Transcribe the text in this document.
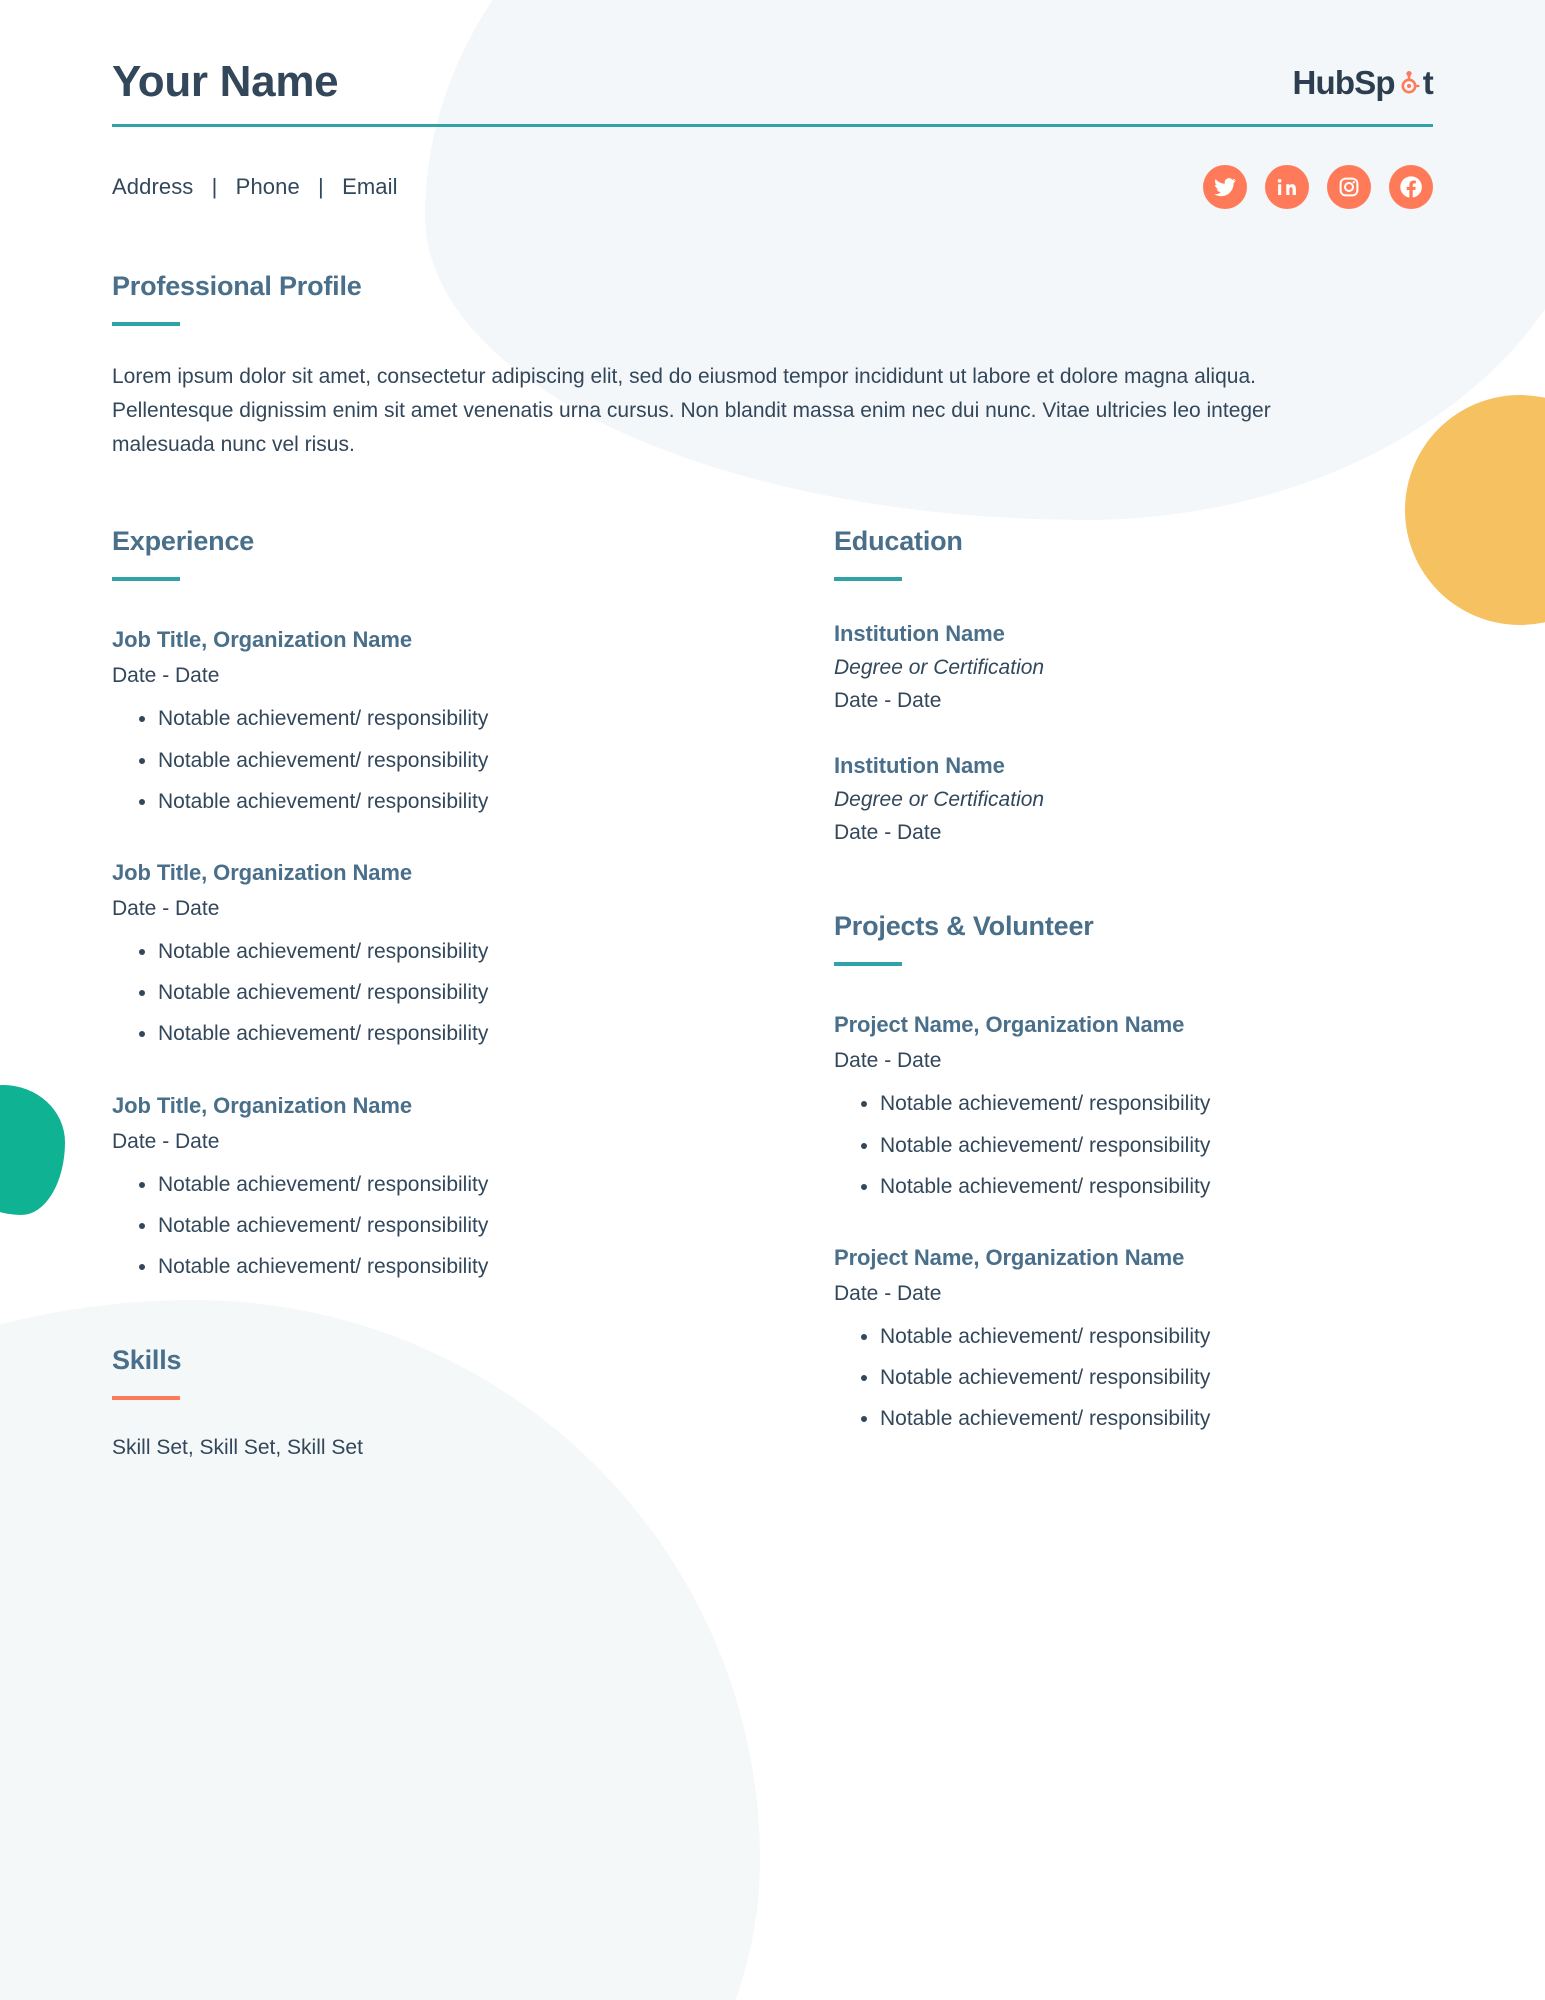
Your Name	HubSp t
Address | Phone | Email
Professional Profile

Lorem ipsum dolor sit amet, consectetur adipiscing elit, sed do eiusmod tempor incididunt ut labore et dolore magna aliqua. Pellentesque dignissim enim sit amet venenatis urna cursus. Non blandit massa enim nec dui nunc. Vitae ultricies leo integer malesuada nunc vel risus.

Experience
Job Title, Organization Name
Date - Date
• Notable achievement/ responsibility
• Notable achievement/ responsibility
• Notable achievement/ responsibility
Job Title, Organization Name
Date - Date
• Notable achievement/ responsibility
• Notable achievement/ responsibility
• Notable achievement/ responsibility
Job Title, Organization Name
Date - Date
• Notable achievement/ responsibility
• Notable achievement/ responsibility
• Notable achievement/ responsibility
Skills
Skill Set, Skill Set, Skill Set
Education
Institution Name
Degree or Certification
Date - Date
Institution Name
Degree or Certification
Date - Date
Projects & Volunteer
Project Name, Organization Name
Date - Date
• Notable achievement/ responsibility
• Notable achievement/ responsibility
• Notable achievement/ responsibility
Project Name, Organization Name
Date - Date
• Notable achievement/ responsibility
• Notable achievement/ responsibility
• Notable achievement/ responsibility
